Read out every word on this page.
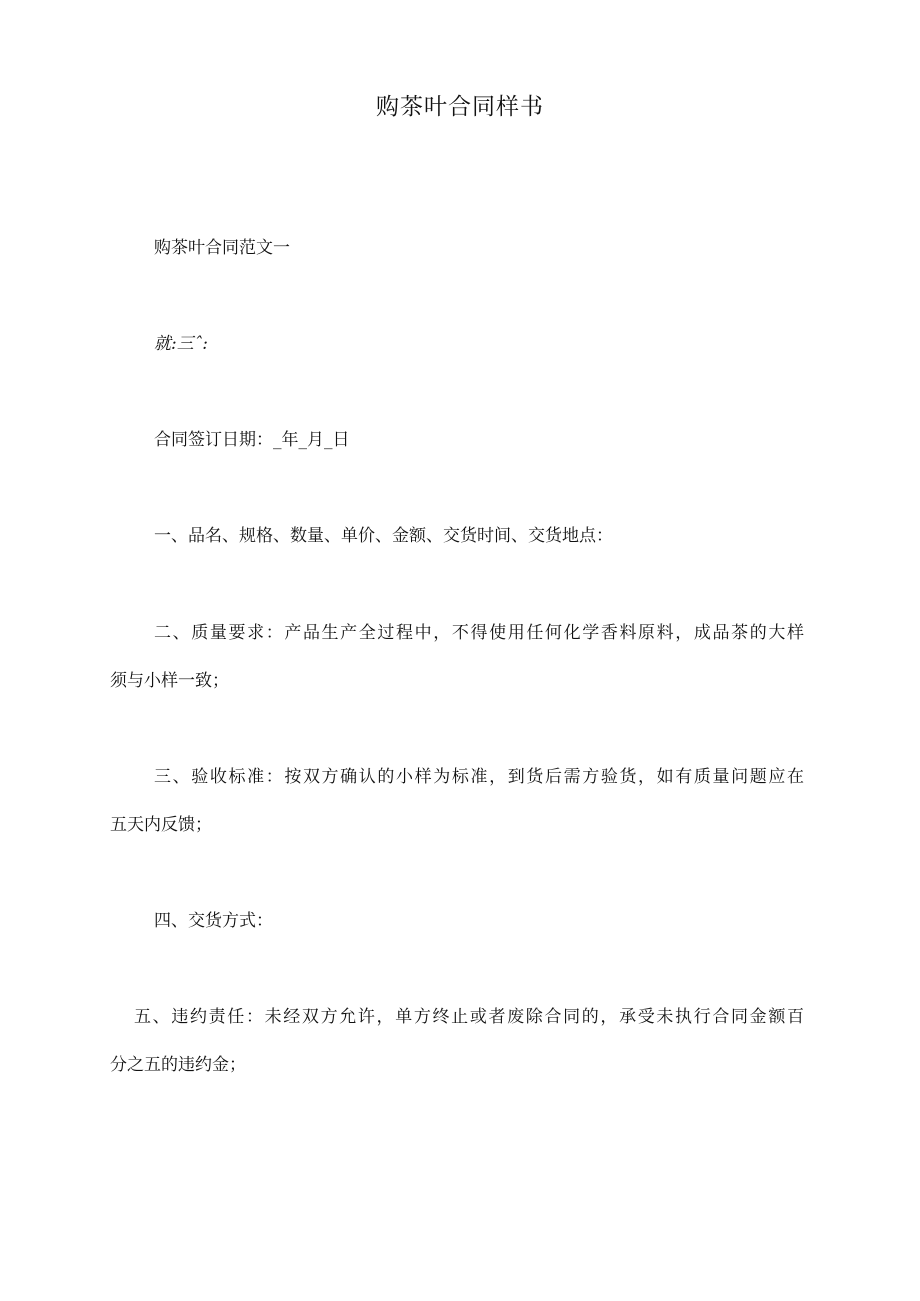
购茶叶合同样书
购茶叶合同范文一
就:三ˆ:
合同签订日期：_年_月_日
一、品名、规格、数量、单价、金额、交货时间、交货地点：
二、质量要求：产品生产全过程中，不得使用任何化学香料原料，成品茶的大样
须与小样一致；
三、验收标准：按双方确认的小样为标准，到货后需方验货，如有质量问题应在
五天内反馈；
四、交货方式：
五、违约责任：未经双方允许，单方终止或者废除合同的，承受未执行合同金额百
分之五的违约金；
